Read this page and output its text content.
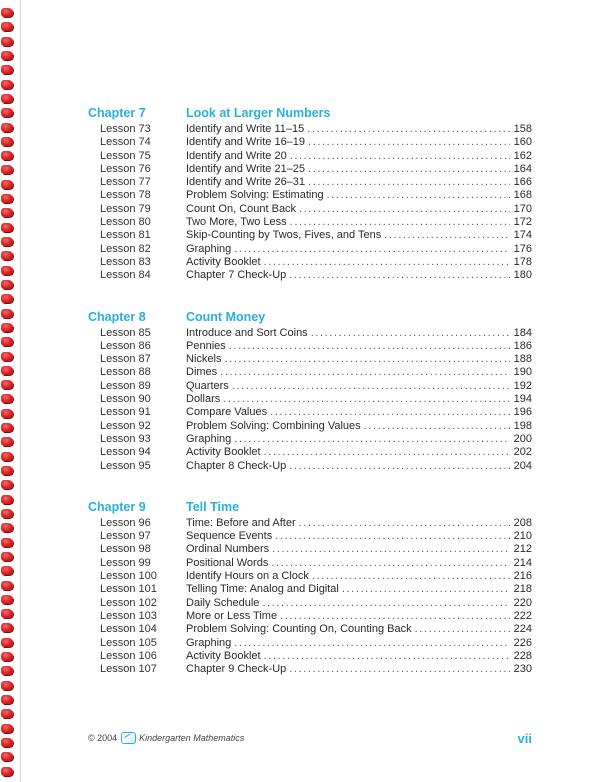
Chapter 7	Look at Larger Numbers
Lesson 73	Identify and Write 11–15 .....	158
Lesson 74	Identify and Write 16–19 .....	160
Lesson 75	Identify and Write 20 .....	162
Lesson 76	Identify and Write 21–25 .....	164
Lesson 77	Identify and Write 26–31 .....	166
Lesson 78	Problem Solving: Estimating .....	168
Lesson 79	Count On, Count Back .....	170
Lesson 80	Two More, Two Less .....	172
Lesson 81	Skip-Counting by Twos, Fives, and Tens .....	174
Lesson 82	Graphing .....	176
Lesson 83	Activity Booklet .....	178
Lesson 84	Chapter 7 Check-Up .....	180
Chapter 8	Count Money
Lesson 85	Introduce and Sort Coins .....	184
Lesson 86	Pennies .....	186
Lesson 87	Nickels .....	188
Lesson 88	Dimes .....	190
Lesson 89	Quarters .....	192
Lesson 90	Dollars .....	194
Lesson 91	Compare Values .....	196
Lesson 92	Problem Solving: Combining Values .....	198
Lesson 93	Graphing .....	200
Lesson 94	Activity Booklet .....	202
Lesson 95	Chapter 8 Check-Up .....	204
Chapter 9	Tell Time
Lesson 96	Time: Before and After .....	208
Lesson 97	Sequence Events .....	210
Lesson 98	Ordinal Numbers .....	212
Lesson 99	Positional Words .....	214
Lesson 100	Identify Hours on a Clock .....	216
Lesson 101	Telling Time: Analog and Digital .....	218
Lesson 102	Daily Schedule .....	220
Lesson 103	More or Less Time .....	222
Lesson 104	Problem Solving: Counting On, Counting Back .....	224
Lesson 105	Graphing .....	226
Lesson 106	Activity Booklet .....	228
Lesson 107	Chapter 9 Check-Up .....	230
© 2004 Kindergarten Mathematics	vii
